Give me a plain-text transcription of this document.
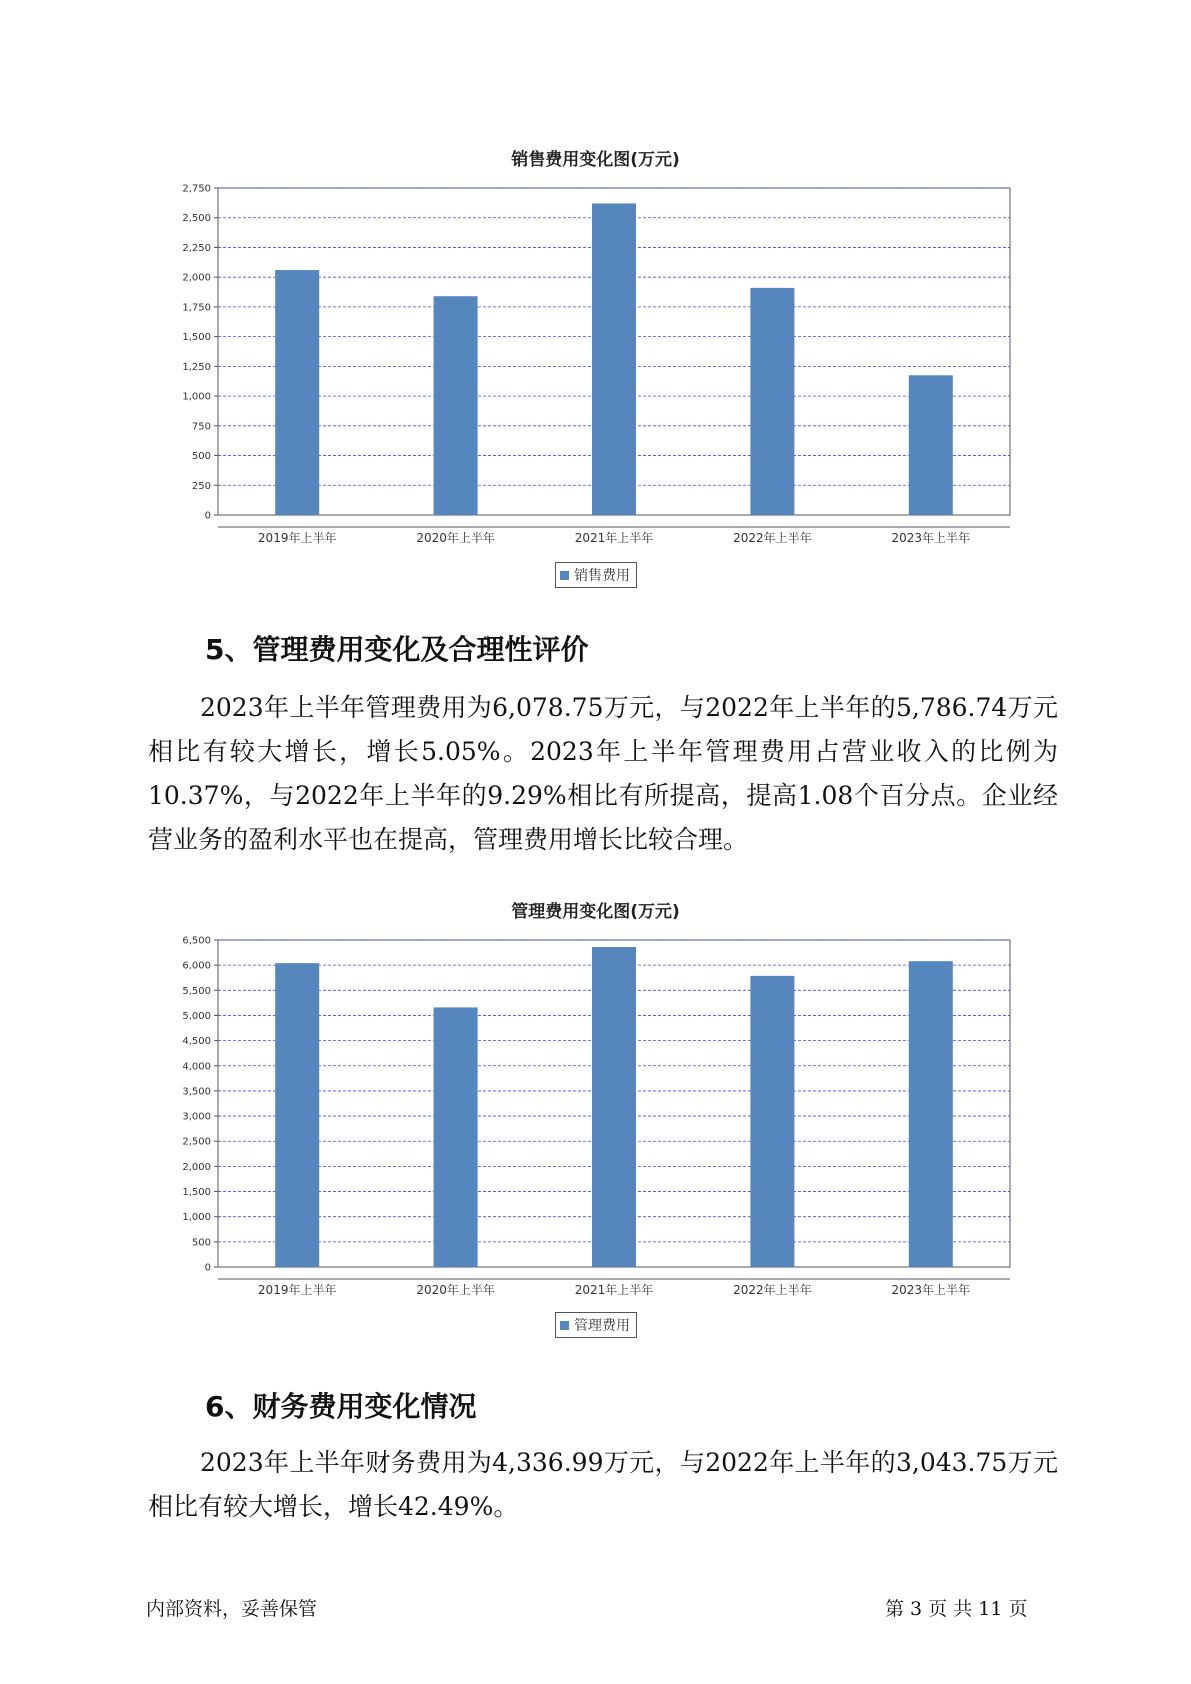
销售费用变化图(万元)
0
250
500
750
1,000
1,250
1,500
1,750
2,000
2,250
2,500
2,750
2019年上半年	2020年上半年	2021年上半年	2022年上半年	2023年上半年
销售费用
5、管理费用变化及合理性评价

2023年上半年管理费用为6,078.75万元，与2022年上半年的5,786.74万元相比有较大增长，增长5.05%。2023年上半年管理费用占营业收入的比例为10.37%，与2022年上半年的9.29%相比有所提高，提高1.08个百分点。企业经营业务的盈利水平也在提高，管理费用增长比较合理。

管理费用变化图(万元)
0
500
1,000
1,500
2,000
2,500
3,000
3,500
4,000
4,500
5,000
5,500
6,000
6,500
2019年上半年	2020年上半年	2021年上半年	2022年上半年	2023年上半年
管理费用
6、财务费用变化情况

2023年上半年财务费用为4,336.99万元，与2022年上半年的3,043.75万元相比有较大增长，增长42.49%。

内部资料，妥善保管	第 3 页 共 11 页
